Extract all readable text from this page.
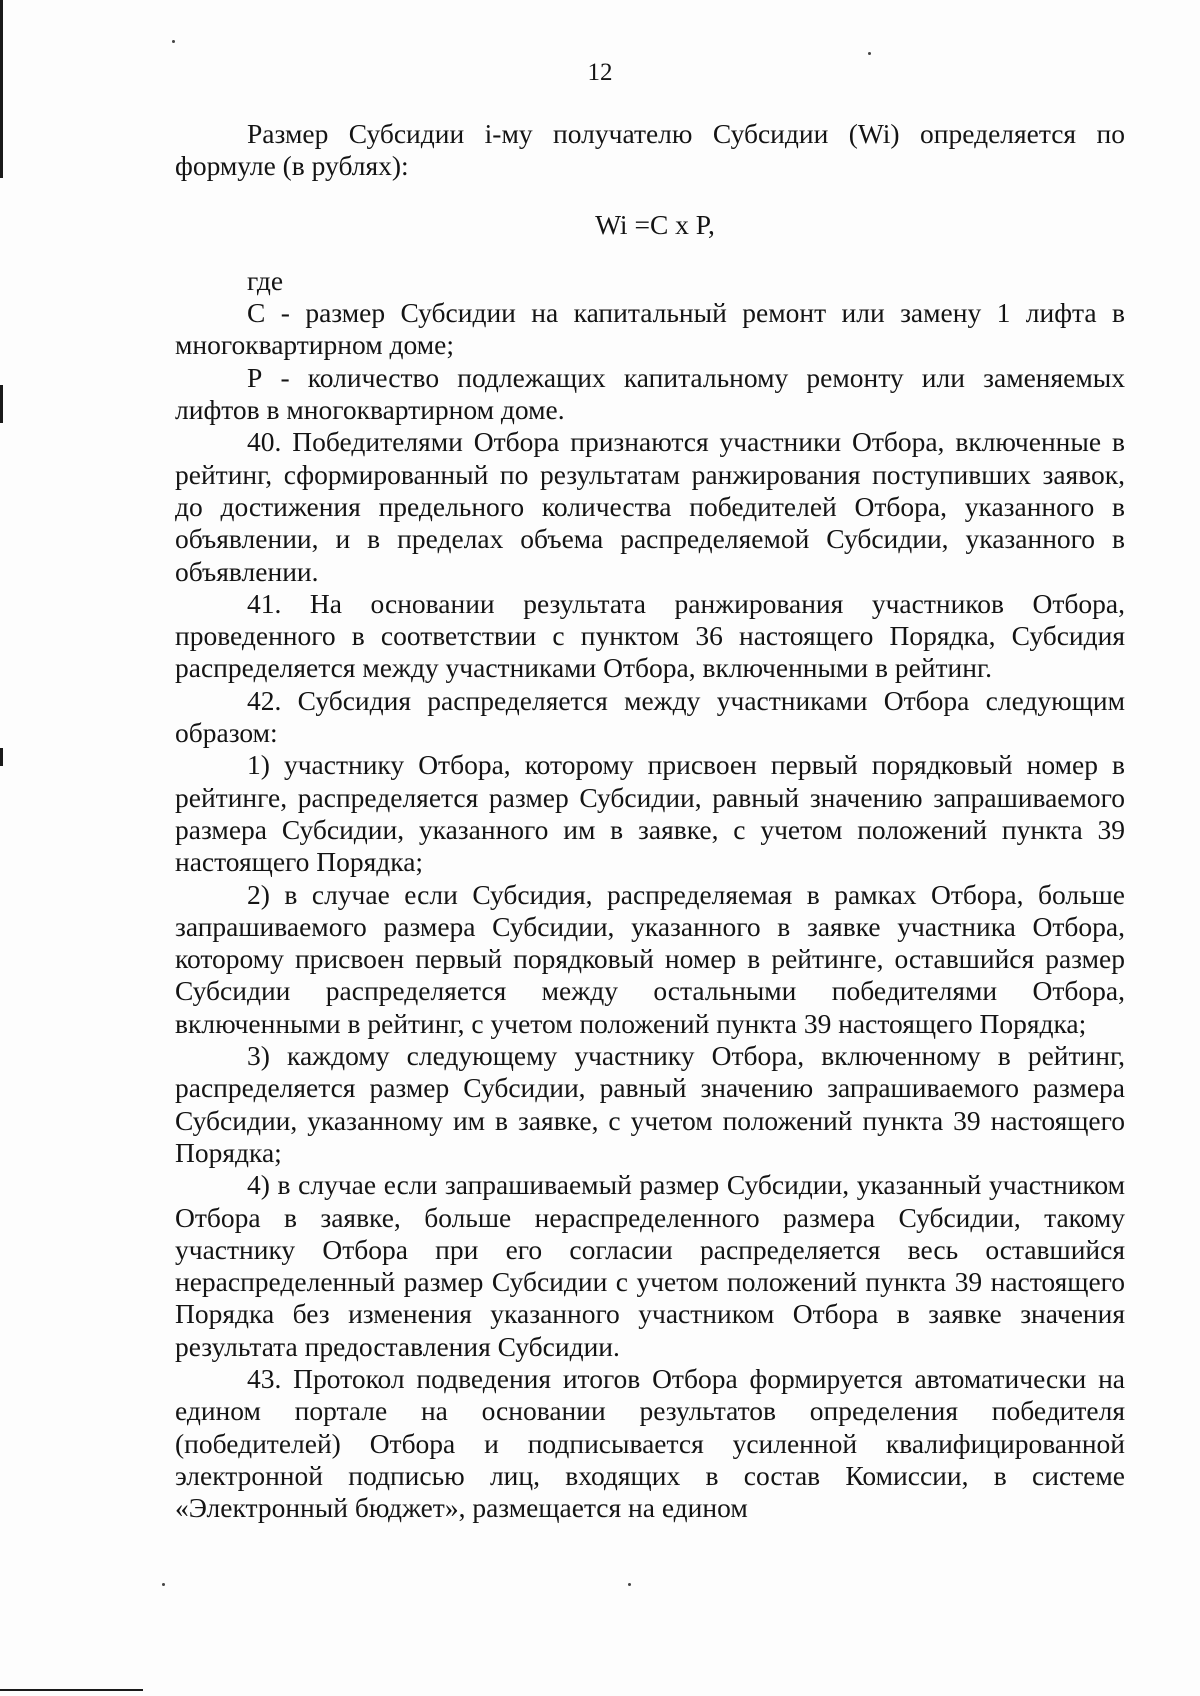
12

Размер Субсидии i-му получателю Субсидии (Wi) определяется по формуле (в рублях):

Wi =C x P,

где

С - размер Субсидии на капитальный ремонт или замену 1 лифта в многоквартирном доме;

Р - количество подлежащих капитальному ремонту или заменяемых лифтов в многоквартирном доме.

40. Победителями Отбора признаются участники Отбора, включенные в рейтинг, сформированный по результатам ранжирования поступивших заявок, до достижения предельного количества победителей Отбора, указанного в объявлении, и в пределах объема распределяемой Субсидии, указанного в объявлении.

41. На основании результата ранжирования участников Отбора, проведенного в соответствии с пунктом 36 настоящего Порядка, Субсидия распределяется между участниками Отбора, включенными в рейтинг.

42. Субсидия распределяется между участниками Отбора следующим образом:

1) участнику Отбора, которому присвоен первый порядковый номер в рейтинге, распределяется размер Субсидии, равный значению запрашиваемого размера Субсидии, указанного им в заявке, с учетом положений пункта 39 настоящего Порядка;

2) в случае если Субсидия, распределяемая в рамках Отбора, больше запрашиваемого размера Субсидии, указанного в заявке участника Отбора, которому присвоен первый порядковый номер в рейтинге, оставшийся размер Субсидии распределяется между остальными победителями Отбора, включенными в рейтинг, с учетом положений пункта 39 настоящего Порядка;

3) каждому следующему участнику Отбора, включенному в рейтинг, распределяется размер Субсидии, равный значению запрашиваемого размера Субсидии, указанному им в заявке, с учетом положений пункта 39 настоящего Порядка;

4) в случае если запрашиваемый размер Субсидии, указанный участником Отбора в заявке, больше нераспределенного размера Субсидии, такому участнику Отбора при его согласии распределяется весь оставшийся нераспределенный размер Субсидии с учетом положений пункта 39 настоящего Порядка без изменения указанного участником Отбора в заявке значения результата предоставления Субсидии.

43. Протокол подведения итогов Отбора формируется автоматически на едином портале на основании результатов определения победителя (победителей) Отбора и подписывается усиленной квалифицированной электронной подписью лиц, входящих в состав Комиссии, в системе «Электронный бюджет», размещается на едином
